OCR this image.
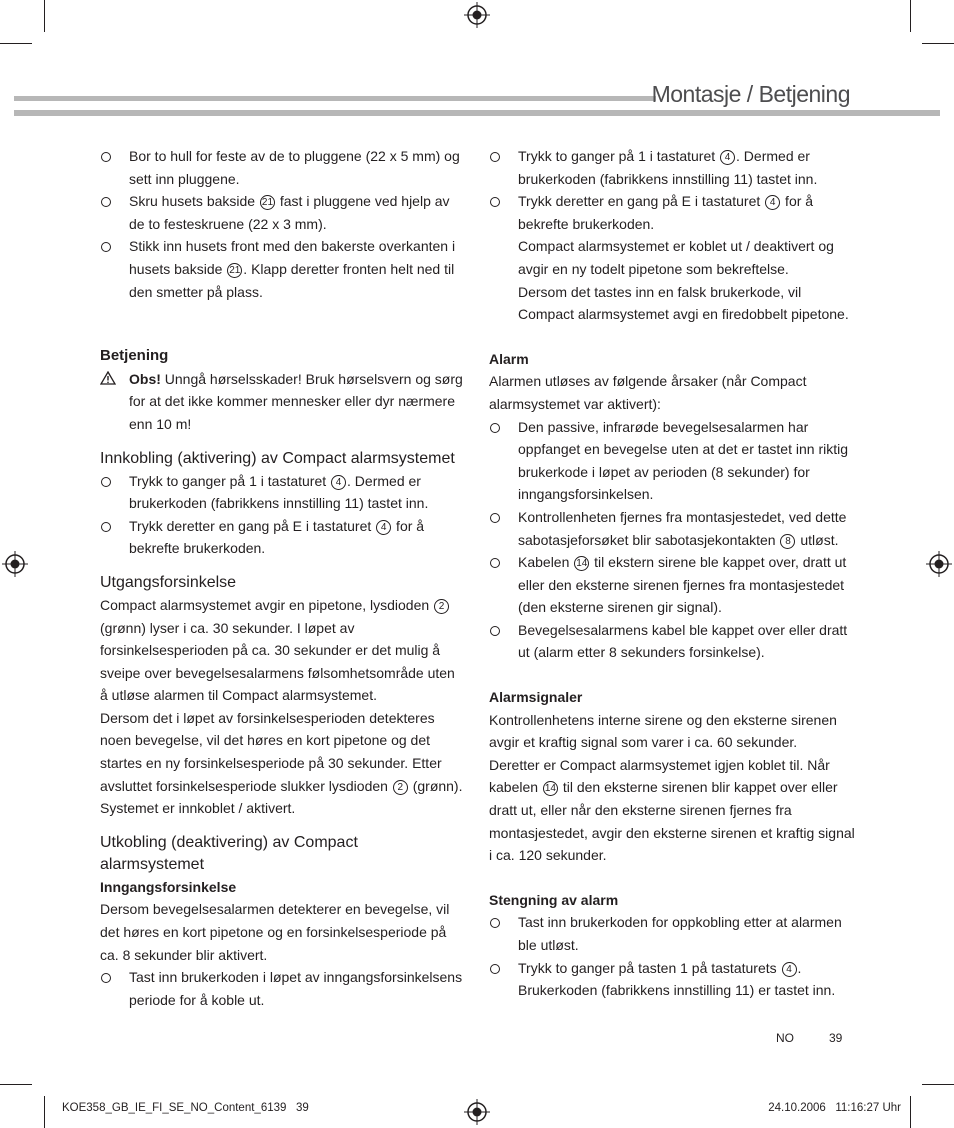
Montasje / Betjening
Bor to hull for feste av de to pluggene (22 x 5 mm) og sett inn pluggene.
Skru husets bakside 21 fast i pluggene ved hjelp av de to festeskruene (22 x 3 mm).
Stikk inn husets front med den bakerste overkanten i husets bakside 21 . Klapp deretter fronten helt ned til den smetter på plass.
Betjening
Obs! Unngå hørselsskader! Bruk hørselsvern og sørg for at det ikke kommer mennesker eller dyr nærmere enn 10 m!
Innkobling (aktivering) av Compact alarmsystemet
Trykk to ganger på 1 i tastaturet 4 . Dermed er brukerkoden (fabrikkens innstilling 11) tastet inn.
Trykk deretter en gang på E i tastaturet 4 for å bekrefte brukerkoden.
Utgangsforsinkelse
Compact alarmsystemet avgir en pipetone, lysdioden 2 (grønn) lyser i ca. 30 sekunder. I løpet av forsinkelsesperioden på ca. 30 sekunder er det mulig å sveipe over bevegelsesalarmens følsomhetsområde uten å utløse alarmen til Compact alarmsystemet.
Dersom det i løpet av forsinkelsesperioden detekteres noen bevegelse, vil det høres en kort pipetone og det startes en ny forsinkelsesperiode på 30 sekunder. Etter avsluttet forsinkelsesperiode slukker lysdioden 2 (grønn). Systemet er innkoblet / aktivert.
Utkobling (deaktivering) av Compact alarmsystemet
Inngangsforsinkelse
Dersom bevegelsesalarmen detekterer en bevegelse, vil det høres en kort pipetone og en forsinkelsesperiode på ca. 8 sekunder blir aktivert.
Tast inn brukerkoden i løpet av inngangsforsinkelsens periode for å koble ut.
Trykk to ganger på 1 i tastaturet 4 . Dermed er brukerkoden (fabrikkens innstilling 11) tastet inn.
Trykk deretter en gang på E i tastaturet 4 for å bekrefte brukerkoden.
Compact alarmsystemet er koblet ut / deaktivert og avgir en ny todelt pipetone som bekreftelse.
Dersom det tastes inn en falsk brukerkode, vil Compact alarmsystemet avgi en firedobbelt pipetone.
Alarm
Alarmen utløses av følgende årsaker (når Compact alarmsystemet var aktivert):
Den passive, infrarøde bevegelsesalarmen har oppfanget en bevegelse uten at det er tastet inn riktig brukerkode i løpet av perioden (8 sekunder) for inngangsforsinkelsen.
Kontrollenheten fjernes fra montasjestedet, ved dette sabotasjeforsøket blir sabotasjekontakten 8 utløst.
Kabelen 14 til ekstern sirene ble kappet over, dratt ut eller den eksterne sirenen fjernes fra montasjestedet (den eksterne sirenen gir signal).
Bevegelsesalarmens kabel ble kappet over eller dratt ut (alarm etter 8 sekunders forsinkelse).
Alarmsignaler
Kontrollenhetens interne sirene og den eksterne sirenen avgir et kraftig signal som varer i ca. 60 sekunder.
Deretter er Compact alarmsystemet igjen koblet til. Når kabelen 14 til den eksterne sirenen blir kappet over eller dratt ut, eller når den eksterne sirenen fjernes fra montasjestedet, avgir den eksterne sirenen et kraftig signal i ca. 120 sekunder.
Stengning av alarm
Tast inn brukerkoden for oppkobling etter at alarmen ble utløst.
Trykk to ganger på tasten 1 på tastaturets 4 . Brukerkoden (fabrikkens innstilling 11) er tastet inn.
NO	39
KOE358_GB_IE_FI_SE_NO_Content_6139   39	24.10.2006   11:16:27 Uhr
